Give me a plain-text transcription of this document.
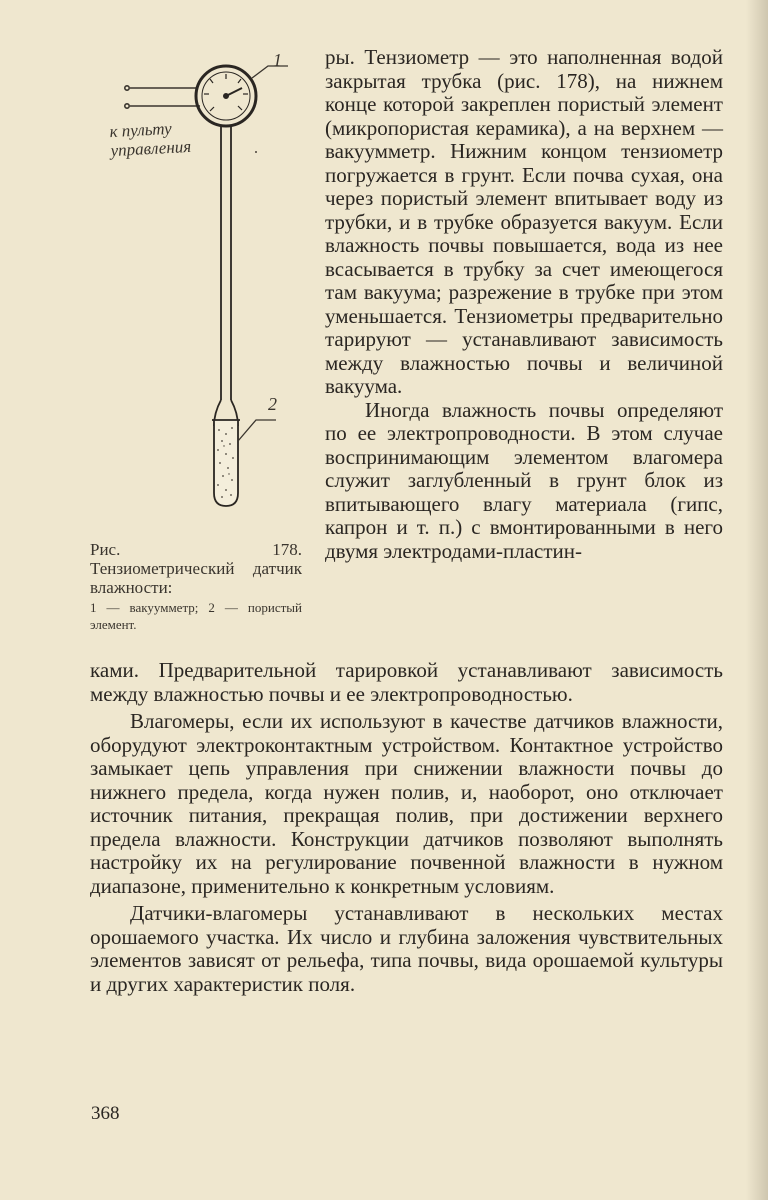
1
2
к пульту
управления
Рис. 178. Тензиометрический датчик влажности:
1 — вакуумметр; 2 — пористый элемент.

ры. Тензиометр — это наполненная водой закрытая трубка (рис. 178), на нижнем конце которой закреплен пористый элемент (микропористая керамика), а на верхнем — вакуумметр. Нижним концом тензиометр погружается в грунт. Если почва сухая, она через пористый элемент впитывает воду из трубки, и в трубке образуется вакуум. Если влажность почвы повышается, вода из нее всасывается в трубку за счет имеющегося там вакуума; разрежение в трубке при этом уменьшается. Тензиометры предварительно тарируют — устанавливают зависимость между влажностью почвы и величиной вакуума.

Иногда влажность почвы определяют по ее электропроводности. В этом случае воспринимающим элементом влагомера служит заглубленный в грунт блок из впитывающего влагу материала (гипс, капрон и т. п.) с вмонтированными в него двумя электродами-пластин-

ками. Предварительной тарировкой устанавливают зависимость между влажностью почвы и ее электропроводностью.

Влагомеры, если их используют в качестве датчиков влажности, оборудуют электроконтактным устройством. Контактное устройство замыкает цепь управления при снижении влажности почвы до нижнего предела, когда нужен полив, и, наоборот, оно отключает источник питания, прекращая полив, при достижении верхнего предела влажности. Конструкции датчиков позволяют выполнять настройку их на регулирование почвенной влажности в нужном диапазоне, применительно к конкретным условиям.

Датчики-влагомеры устанавливают в нескольких местах орошаемого участка. Их число и глубина заложения чувствительных элементов зависят от рельефа, типа почвы, вида орошаемой культуры и других характеристик поля.

368
